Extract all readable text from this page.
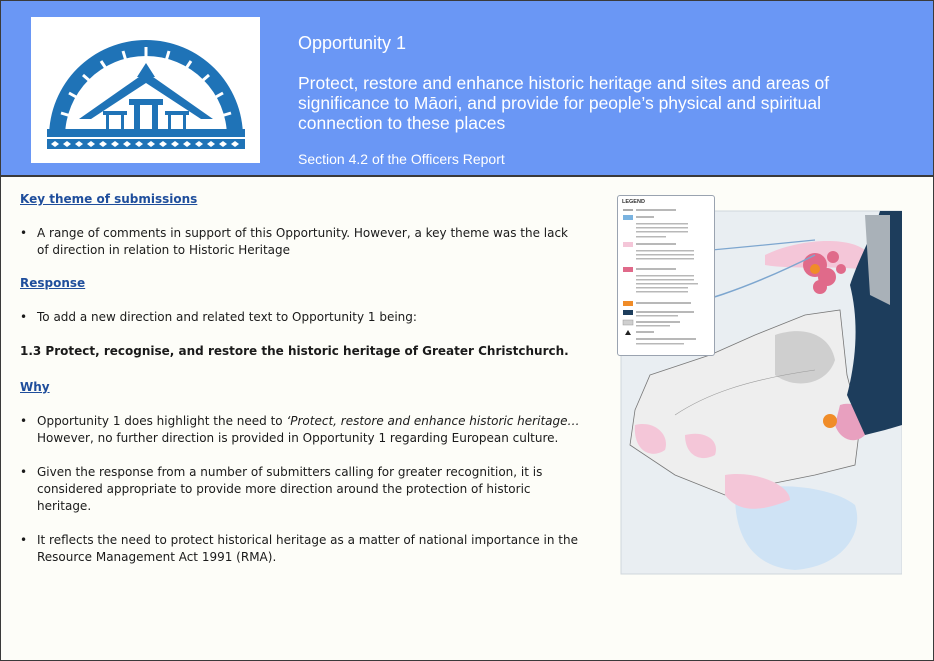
Opportunity 1
Protect, restore and enhance historic heritage and sites and areas of significance to Māori, and provide for people’s physical and spiritual connection to these places
Section 4.2 of the Officers Report
Key theme of submissions
• A range of comments in support of this Opportunity. However, a key theme was the lack of direction in relation to Historic Heritage
Response
• To add a new direction and related text to Opportunity 1 being:
1.3 Protect, recognise, and restore the historic heritage of Greater Christchurch.
Why
• Opportunity 1 does highlight the need to ‘Protect, restore and enhance historic heritage… However, no further direction is provided in Opportunity 1 regarding European culture.
• Given the response from a number of submitters calling for greater recognition, it is considered appropriate to provide more direction around the protection of historic heritage.
• It reflects the need to protect historical heritage as a matter of national importance in the Resource Management Act 1991 (RMA).
LEGEND
